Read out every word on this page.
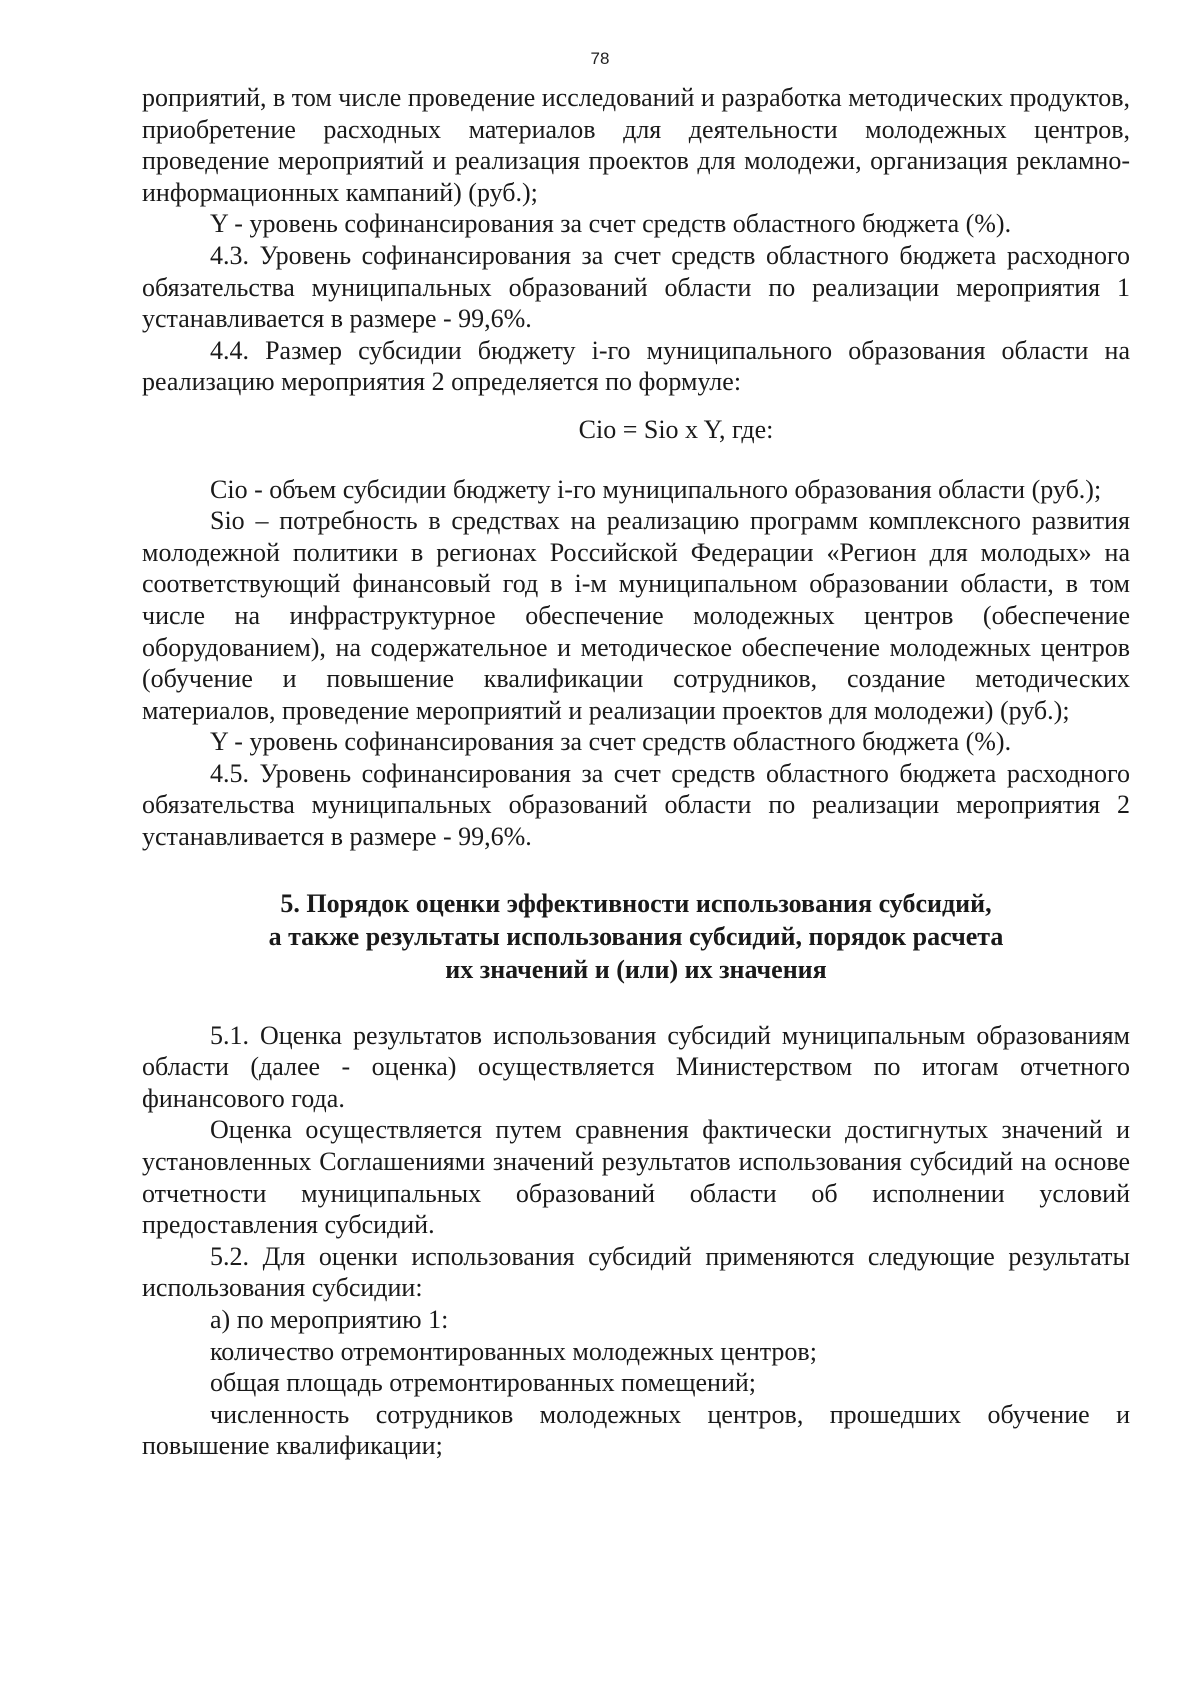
78

роприятий, в том числе проведение исследований и разработка методических продуктов, приобретение расходных материалов для деятельности молодежных центров, проведение мероприятий и реализация проектов для молодежи, организация рекламно-информационных кампаний) (руб.);

Y - уровень софинансирования за счет средств областного бюджета (%).

4.3. Уровень софинансирования за счет средств областного бюджета расходного обязательства муниципальных образований области по реализации мероприятия 1 устанавливается в размере - 99,6%.

4.4. Размер субсидии бюджету i-го муниципального образования области на реализацию мероприятия 2 определяется по формуле:

Cio = Sio x Y, где:

Cio - объем субсидии бюджету i-го муниципального образования области (руб.);

Sio – потребность в средствах на реализацию программ комплексного развития молодежной политики в регионах Российской Федерации «Регион для молодых» на соответствующий финансовый год в i-м муниципальном образовании области, в том числе на инфраструктурное обеспечение молодежных центров (обеспечение оборудованием), на содержательное и методическое обеспечение молодежных центров (обучение и повышение квалификации сотрудников, создание методических материалов, проведение мероприятий и реализации проектов для молодежи) (руб.);

Y - уровень софинансирования за счет средств областного бюджета (%).

4.5. Уровень софинансирования за счет средств областного бюджета расходного обязательства муниципальных образований области по реализации мероприятия 2 устанавливается в размере - 99,6%.

5. Порядок оценки эффективности использования субсидий,
а также результаты использования субсидий, порядок расчета
их значений и (или) их значения

5.1. Оценка результатов использования субсидий муниципальным образованиям области (далее - оценка) осуществляется Министерством по итогам отчетного финансового года.

Оценка осуществляется путем сравнения фактически достигнутых значений и установленных Соглашениями значений результатов использования субсидий на основе отчетности муниципальных образований области об исполнении условий предоставления субсидий.

5.2. Для оценки использования субсидий применяются следующие результаты использования субсидии:

а) по мероприятию 1:

количество отремонтированных молодежных центров;

общая площадь отремонтированных помещений;

численность сотрудников молодежных центров, прошедших обучение и повышение квалификации;
